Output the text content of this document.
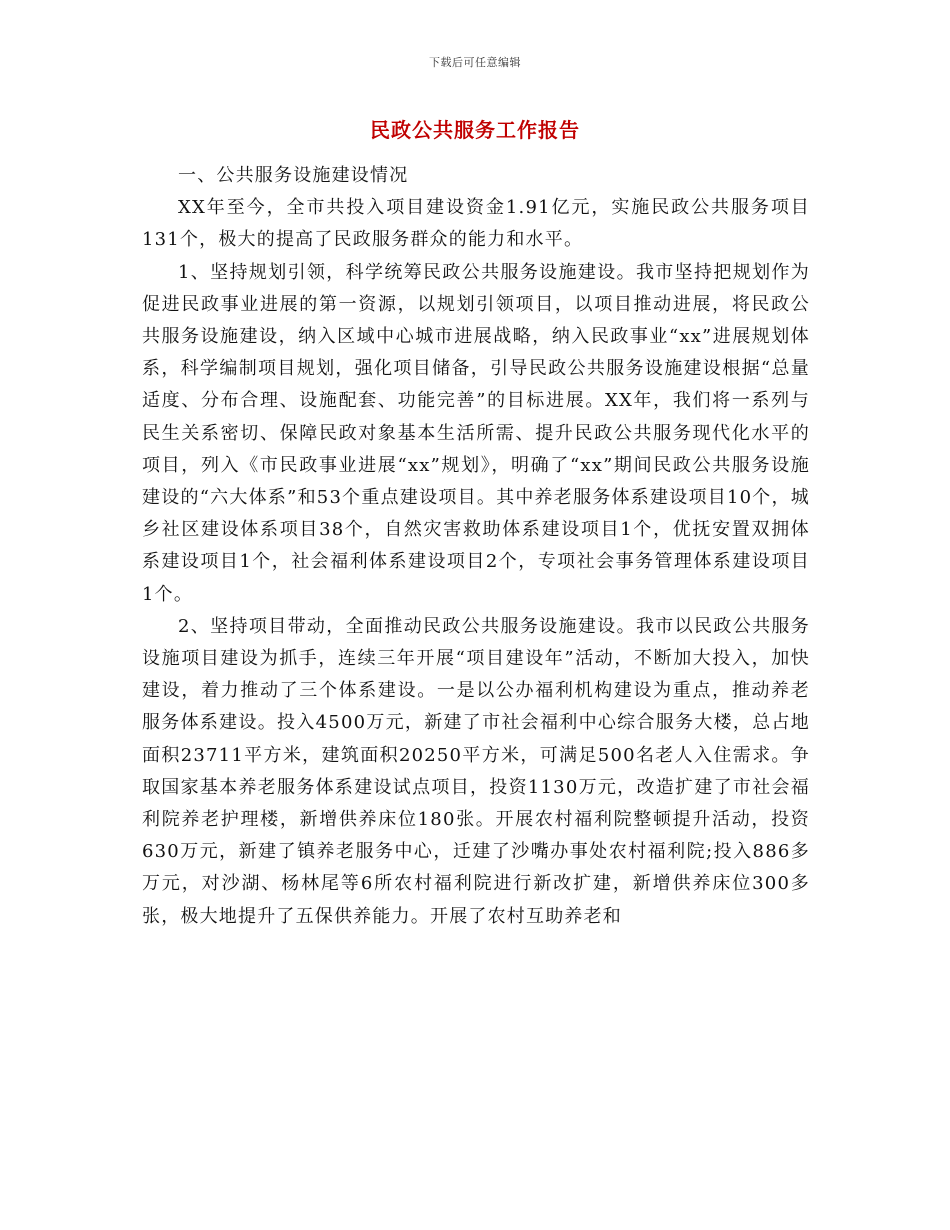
下载后可任意编辑
民政公共服务工作报告

一、公共服务设施建设情况

XX年至今，全市共投入项目建设资金1.91亿元，实施民政公共服务项目131个，极大的提高了民政服务群众的能力和水平。

1、坚持规划引领，科学统筹民政公共服务设施建设。我市坚持把规划作为促进民政事业进展的第一资源，以规划引领项目，以项目推动进展，将民政公共服务设施建设，纳入区域中心城市进展战略，纳入民政事业“xx”进展规划体系，科学编制项目规划，强化项目储备，引导民政公共服务设施建设根据“总量适度、分布合理、设施配套、功能完善”的目标进展。XX年，我们将一系列与民生关系密切、保障民政对象基本生活所需、提升民政公共服务现代化水平的项目，列入《市民政事业进展“xx”规划》，明确了“xx”期间民政公共服务设施建设的“六大体系”和53个重点建设项目。其中养老服务体系建设项目10个，城乡社区建设体系项目38个，自然灾害救助体系建设项目1个，优抚安置双拥体系建设项目1个，社会福利体系建设项目2个，专项社会事务管理体系建设项目1个。

2、坚持项目带动，全面推动民政公共服务设施建设。我市以民政公共服务设施项目建设为抓手，连续三年开展“项目建设年”活动，不断加大投入，加快建设，着力推动了三个体系建设。一是以公办福利机构建设为重点，推动养老服务体系建设。投入4500万元，新建了市社会福利中心综合服务大楼，总占地面积23711平方米，建筑面积20250平方米，可满足500名老人入住需求。争取国家基本养老服务体系建设试点项目，投资1130万元，改造扩建了市社会福利院养老护理楼，新增供养床位180张。开展农村福利院整顿提升活动，投资630万元，新建了镇养老服务中心，迁建了沙嘴办事处农村福利院;投入886多万元，对沙湖、杨林尾等6所农村福利院进行新改扩建，新增供养床位300多张，极大地提升了五保供养能力。开展了农村互助养老和
